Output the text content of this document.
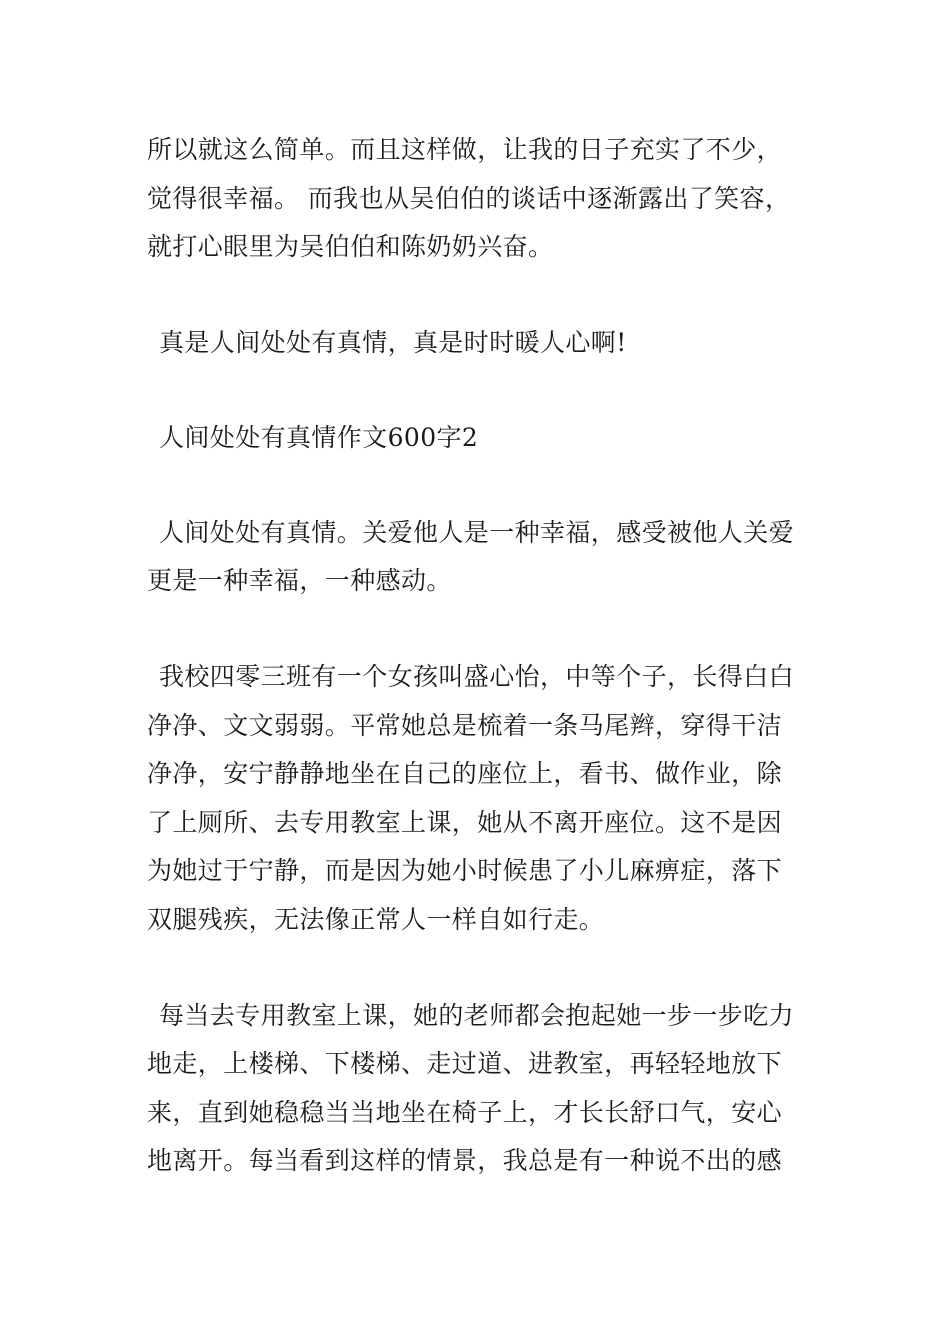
所以就这么简单。而且这样做，让我的日子充实了不少，
觉得很幸福。 而我也从吴伯伯的谈话中逐渐露出了笑容，
就打心眼里为吴伯伯和陈奶奶兴奋。

真是人间处处有真情，真是时时暖人心啊!

人间处处有真情作文600字2

人间处处有真情。关爱他人是一种幸福，感受被他人关爱
更是一种幸福，一种感动。

我校四零三班有一个女孩叫盛心怡，中等个子，长得白白
净净、文文弱弱。平常她总是梳着一条马尾辫，穿得干洁
净净，安宁静静地坐在自己的座位上，看书、做作业，除
了上厕所、去专用教室上课，她从不离开座位。这不是因
为她过于宁静，而是因为她小时候患了小儿麻痹症，落下
双腿残疾，无法像正常人一样自如行走。

每当去专用教室上课，她的老师都会抱起她一步一步吃力
地走，上楼梯、下楼梯、走过道、进教室，再轻轻地放下
来，直到她稳稳当当地坐在椅子上，才长长舒口气，安心
地离开。每当看到这样的情景，我总是有一种说不出的感
